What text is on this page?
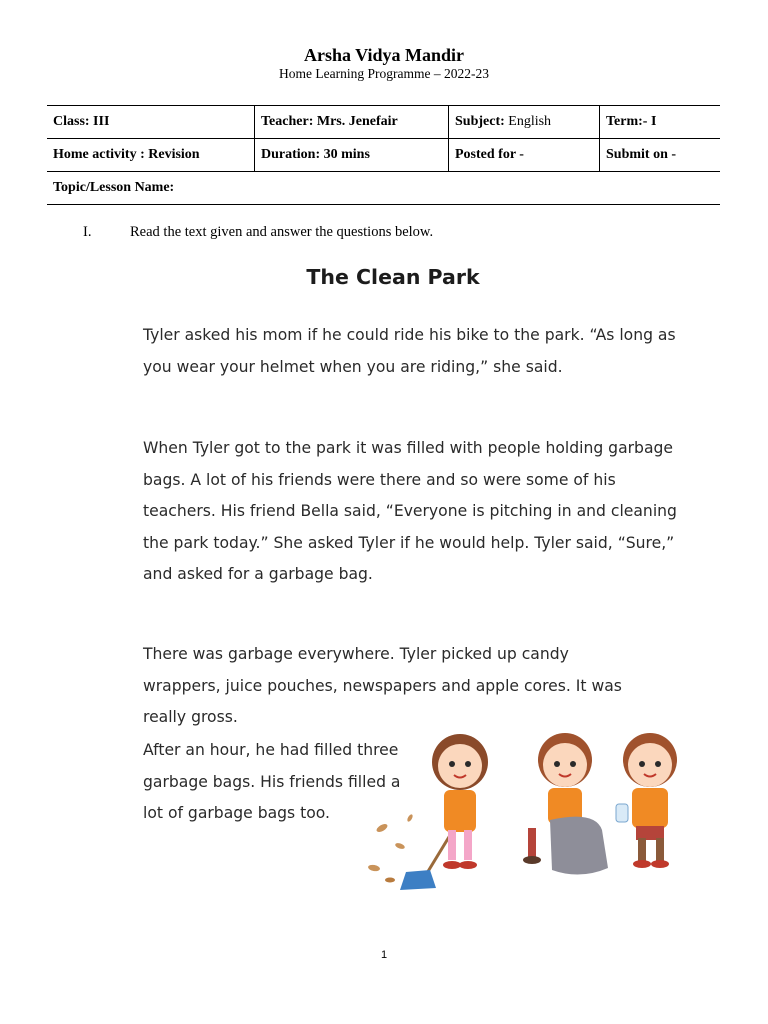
Arsha Vidya Mandir
Home Learning Programme – 2022-23
Class: III	Teacher: Mrs. Jenefair	Subject: English	Term:- I
Home activity : Revision	Duration: 30 mins	Posted for -	Submit on -
Topic/Lesson Name:			
I.	Read the text given and answer the questions below.
The Clean Park

Tyler asked his mom if he could ride his bike to the park. “As long as you wear your helmet when you are riding,” she said.

When Tyler got to the park it was filled with people holding garbage bags. A lot of his friends were there and so were some of his teachers. His friend Bella said, “Everyone is pitching in and cleaning the park today.” She asked Tyler if he would help. Tyler said, “Sure,” and asked for a garbage bag.

There was garbage everywhere. Tyler picked up candy wrappers, juice pouches, newspapers and apple cores. It was really gross.

After an hour, he had filled three garbage bags. His friends filled a lot of garbage bags too.

1
